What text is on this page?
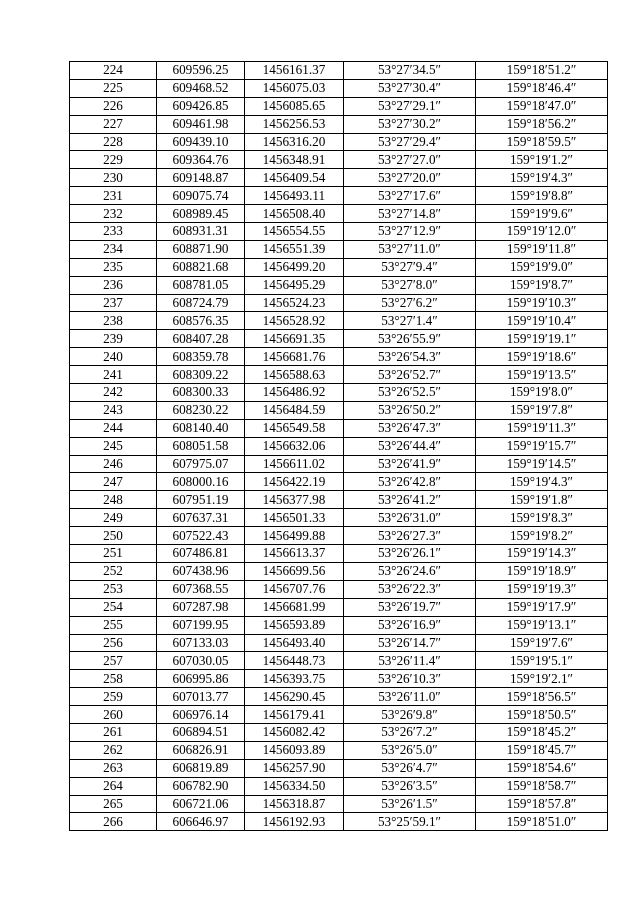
224	609596.25	1456161.37	53°27′34.5″	159°18′51.2″
225	609468.52	1456075.03	53°27′30.4″	159°18′46.4″
226	609426.85	1456085.65	53°27′29.1″	159°18′47.0″
227	609461.98	1456256.53	53°27′30.2″	159°18′56.2″
228	609439.10	1456316.20	53°27′29.4″	159°18′59.5″
229	609364.76	1456348.91	53°27′27.0″	159°19′1.2″
230	609148.87	1456409.54	53°27′20.0″	159°19′4.3″
231	609075.74	1456493.11	53°27′17.6″	159°19′8.8″
232	608989.45	1456508.40	53°27′14.8″	159°19′9.6″
233	608931.31	1456554.55	53°27′12.9″	159°19′12.0″
234	608871.90	1456551.39	53°27′11.0″	159°19′11.8″
235	608821.68	1456499.20	53°27′9.4″	159°19′9.0″
236	608781.05	1456495.29	53°27′8.0″	159°19′8.7″
237	608724.79	1456524.23	53°27′6.2″	159°19′10.3″
238	608576.35	1456528.92	53°27′1.4″	159°19′10.4″
239	608407.28	1456691.35	53°26′55.9″	159°19′19.1″
240	608359.78	1456681.76	53°26′54.3″	159°19′18.6″
241	608309.22	1456588.63	53°26′52.7″	159°19′13.5″
242	608300.33	1456486.92	53°26′52.5″	159°19′8.0″
243	608230.22	1456484.59	53°26′50.2″	159°19′7.8″
244	608140.40	1456549.58	53°26′47.3″	159°19′11.3″
245	608051.58	1456632.06	53°26′44.4″	159°19′15.7″
246	607975.07	1456611.02	53°26′41.9″	159°19′14.5″
247	608000.16	1456422.19	53°26′42.8″	159°19′4.3″
248	607951.19	1456377.98	53°26′41.2″	159°19′1.8″
249	607637.31	1456501.33	53°26′31.0″	159°19′8.3″
250	607522.43	1456499.88	53°26′27.3″	159°19′8.2″
251	607486.81	1456613.37	53°26′26.1″	159°19′14.3″
252	607438.96	1456699.56	53°26′24.6″	159°19′18.9″
253	607368.55	1456707.76	53°26′22.3″	159°19′19.3″
254	607287.98	1456681.99	53°26′19.7″	159°19′17.9″
255	607199.95	1456593.89	53°26′16.9″	159°19′13.1″
256	607133.03	1456493.40	53°26′14.7″	159°19′7.6″
257	607030.05	1456448.73	53°26′11.4″	159°19′5.1″
258	606995.86	1456393.75	53°26′10.3″	159°19′2.1″
259	607013.77	1456290.45	53°26′11.0″	159°18′56.5″
260	606976.14	1456179.41	53°26′9.8″	159°18′50.5″
261	606894.51	1456082.42	53°26′7.2″	159°18′45.2″
262	606826.91	1456093.89	53°26′5.0″	159°18′45.7″
263	606819.89	1456257.90	53°26′4.7″	159°18′54.6″
264	606782.90	1456334.50	53°26′3.5″	159°18′58.7″
265	606721.06	1456318.87	53°26′1.5″	159°18′57.8″
266	606646.97	1456192.93	53°25′59.1″	159°18′51.0″
